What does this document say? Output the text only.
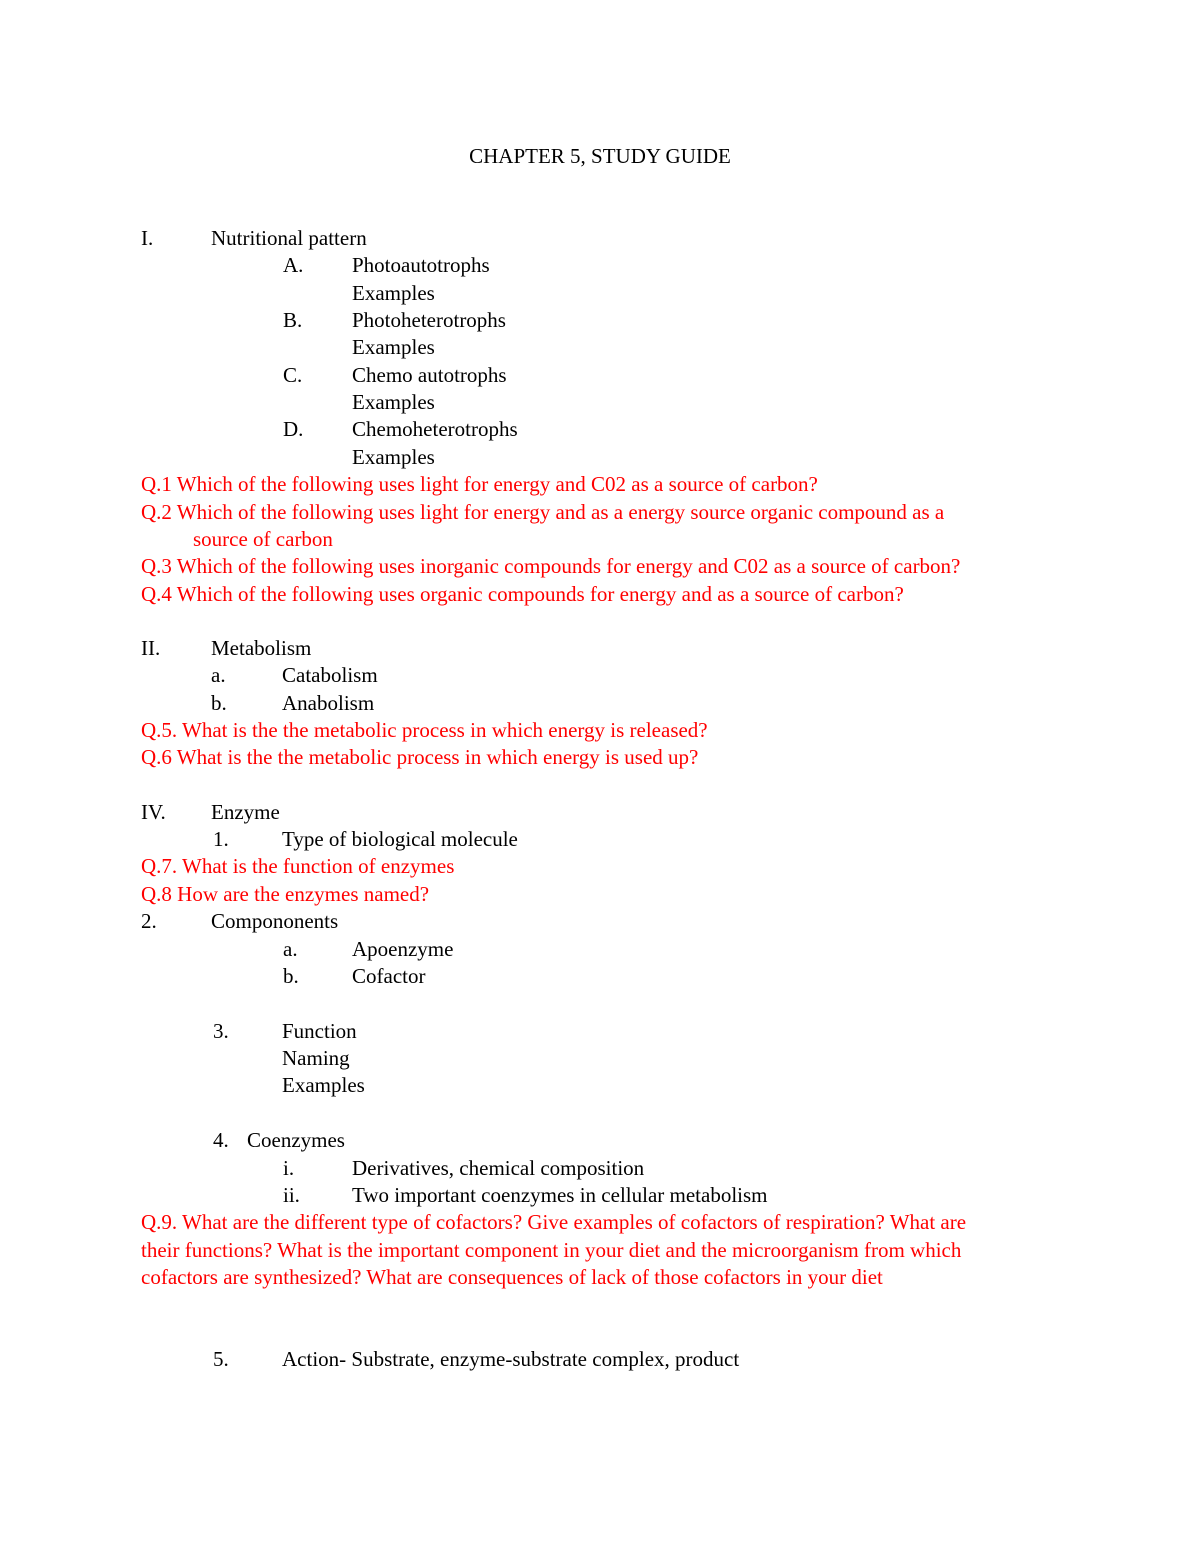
CHAPTER 5, STUDY GUIDE
I.	Nutritional pattern
A. Photoautotrophs
Examples
B. Photoheterotrophs
Examples
C. Chemo autotrophs
Examples
D. Chemoheterotrophs
Examples
Q.1 Which of the following uses light for energy and C02 as a source of carbon?
Q.2 Which of the following uses light for energy and as a energy source organic compound as a
source of carbon
Q.3 Which of the following uses inorganic compounds for energy and C02 as a source of carbon?
Q.4 Which of the following uses organic compounds for energy and as a source of carbon?
II. Metabolism
a.	Catabolism
b.	Anabolism
Q.5. What is the the metabolic process in which energy is released?
Q.6 What is the the metabolic process in which energy is used up?
IV. Enzyme
1.	Type of biological molecule
Q.7. What is the function of enzymes
Q.8 How are the enzymes named?
2.	Compononents
a.	Apoenzyme
b.	Cofactor
3.	Function
Naming
Examples
4. Coenzymes
i.	Derivatives, chemical composition
ii. Two important coenzymes in cellular metabolism
Q.9. What are the different type of cofactors? Give examples of cofactors of respiration? What are
their functions? What is the important component in your diet and the microorganism from which
cofactors are synthesized? What are consequences of lack of those cofactors in your diet
5.	Action- Substrate, enzyme-substrate complex, product
